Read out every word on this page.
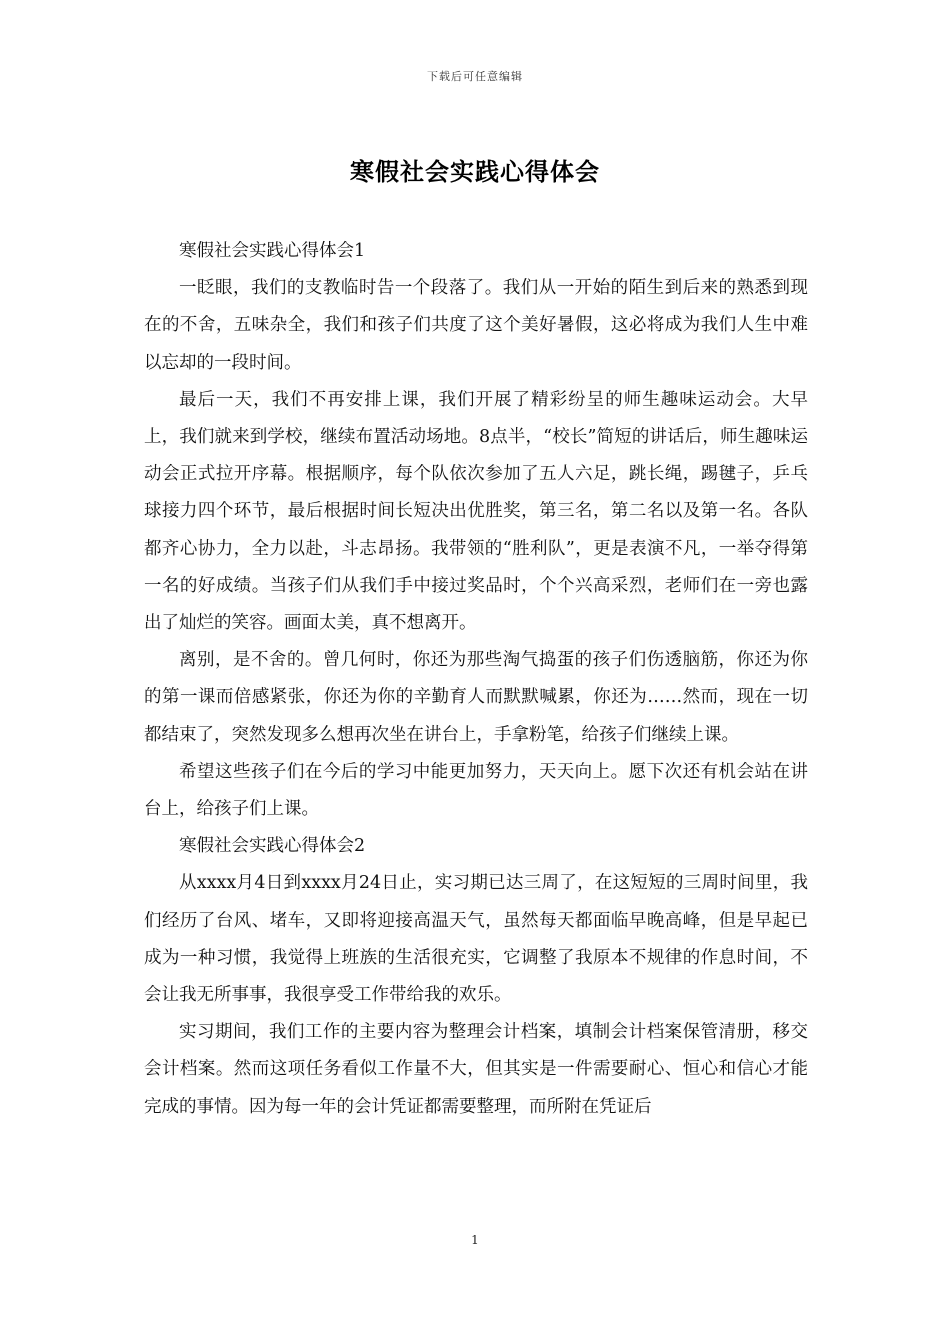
下载后可任意编辑
寒假社会实践心得体会

寒假社会实践心得体会1

一眨眼，我们的支教临时告一个段落了。我们从一开始的陌生到后来的熟悉到现在的不舍，五味杂全，我们和孩子们共度了这个美好暑假，这必将成为我们人生中难以忘却的一段时间。

最后一天，我们不再安排上课，我们开展了精彩纷呈的师生趣味运动会。大早上，我们就来到学校，继续布置活动场地。8点半，“校长”简短的讲话后，师生趣味运动会正式拉开序幕。根据顺序，每个队依次参加了五人六足，跳长绳，踢毽子，乒乓球接力四个环节，最后根据时间长短决出优胜奖，第三名，第二名以及第一名。各队都齐心协力，全力以赴，斗志昂扬。我带领的“胜利队”，更是表演不凡，一举夺得第一名的好成绩。当孩子们从我们手中接过奖品时，个个兴高采烈，老师们在一旁也露出了灿烂的笑容。画面太美，真不想离开。

离别，是不舍的。曾几何时，你还为那些淘气捣蛋的孩子们伤透脑筋，你还为你的第一课而倍感紧张，你还为你的辛勤育人而默默喊累，你还为……然而，现在一切都结束了，突然发现多么想再次坐在讲台上，手拿粉笔，给孩子们继续上课。

希望这些孩子们在今后的学习中能更加努力，天天向上。愿下次还有机会站在讲台上，给孩子们上课。

寒假社会实践心得体会2

从xxxx月4日到xxxx月24日止，实习期已达三周了，在这短短的三周时间里，我们经历了台风、堵车，又即将迎接高温天气，虽然每天都面临早晚高峰，但是早起已成为一种习惯，我觉得上班族的生活很充实，它调整了我原本不规律的作息时间，不会让我无所事事，我很享受工作带给我的欢乐。

实习期间，我们工作的主要内容为整理会计档案，填制会计档案保管清册，移交会计档案。然而这项任务看似工作量不大，但其实是一件需要耐心、恒心和信心才能完成的事情。因为每一年的会计凭证都需要整理，而所附在凭证后

1
